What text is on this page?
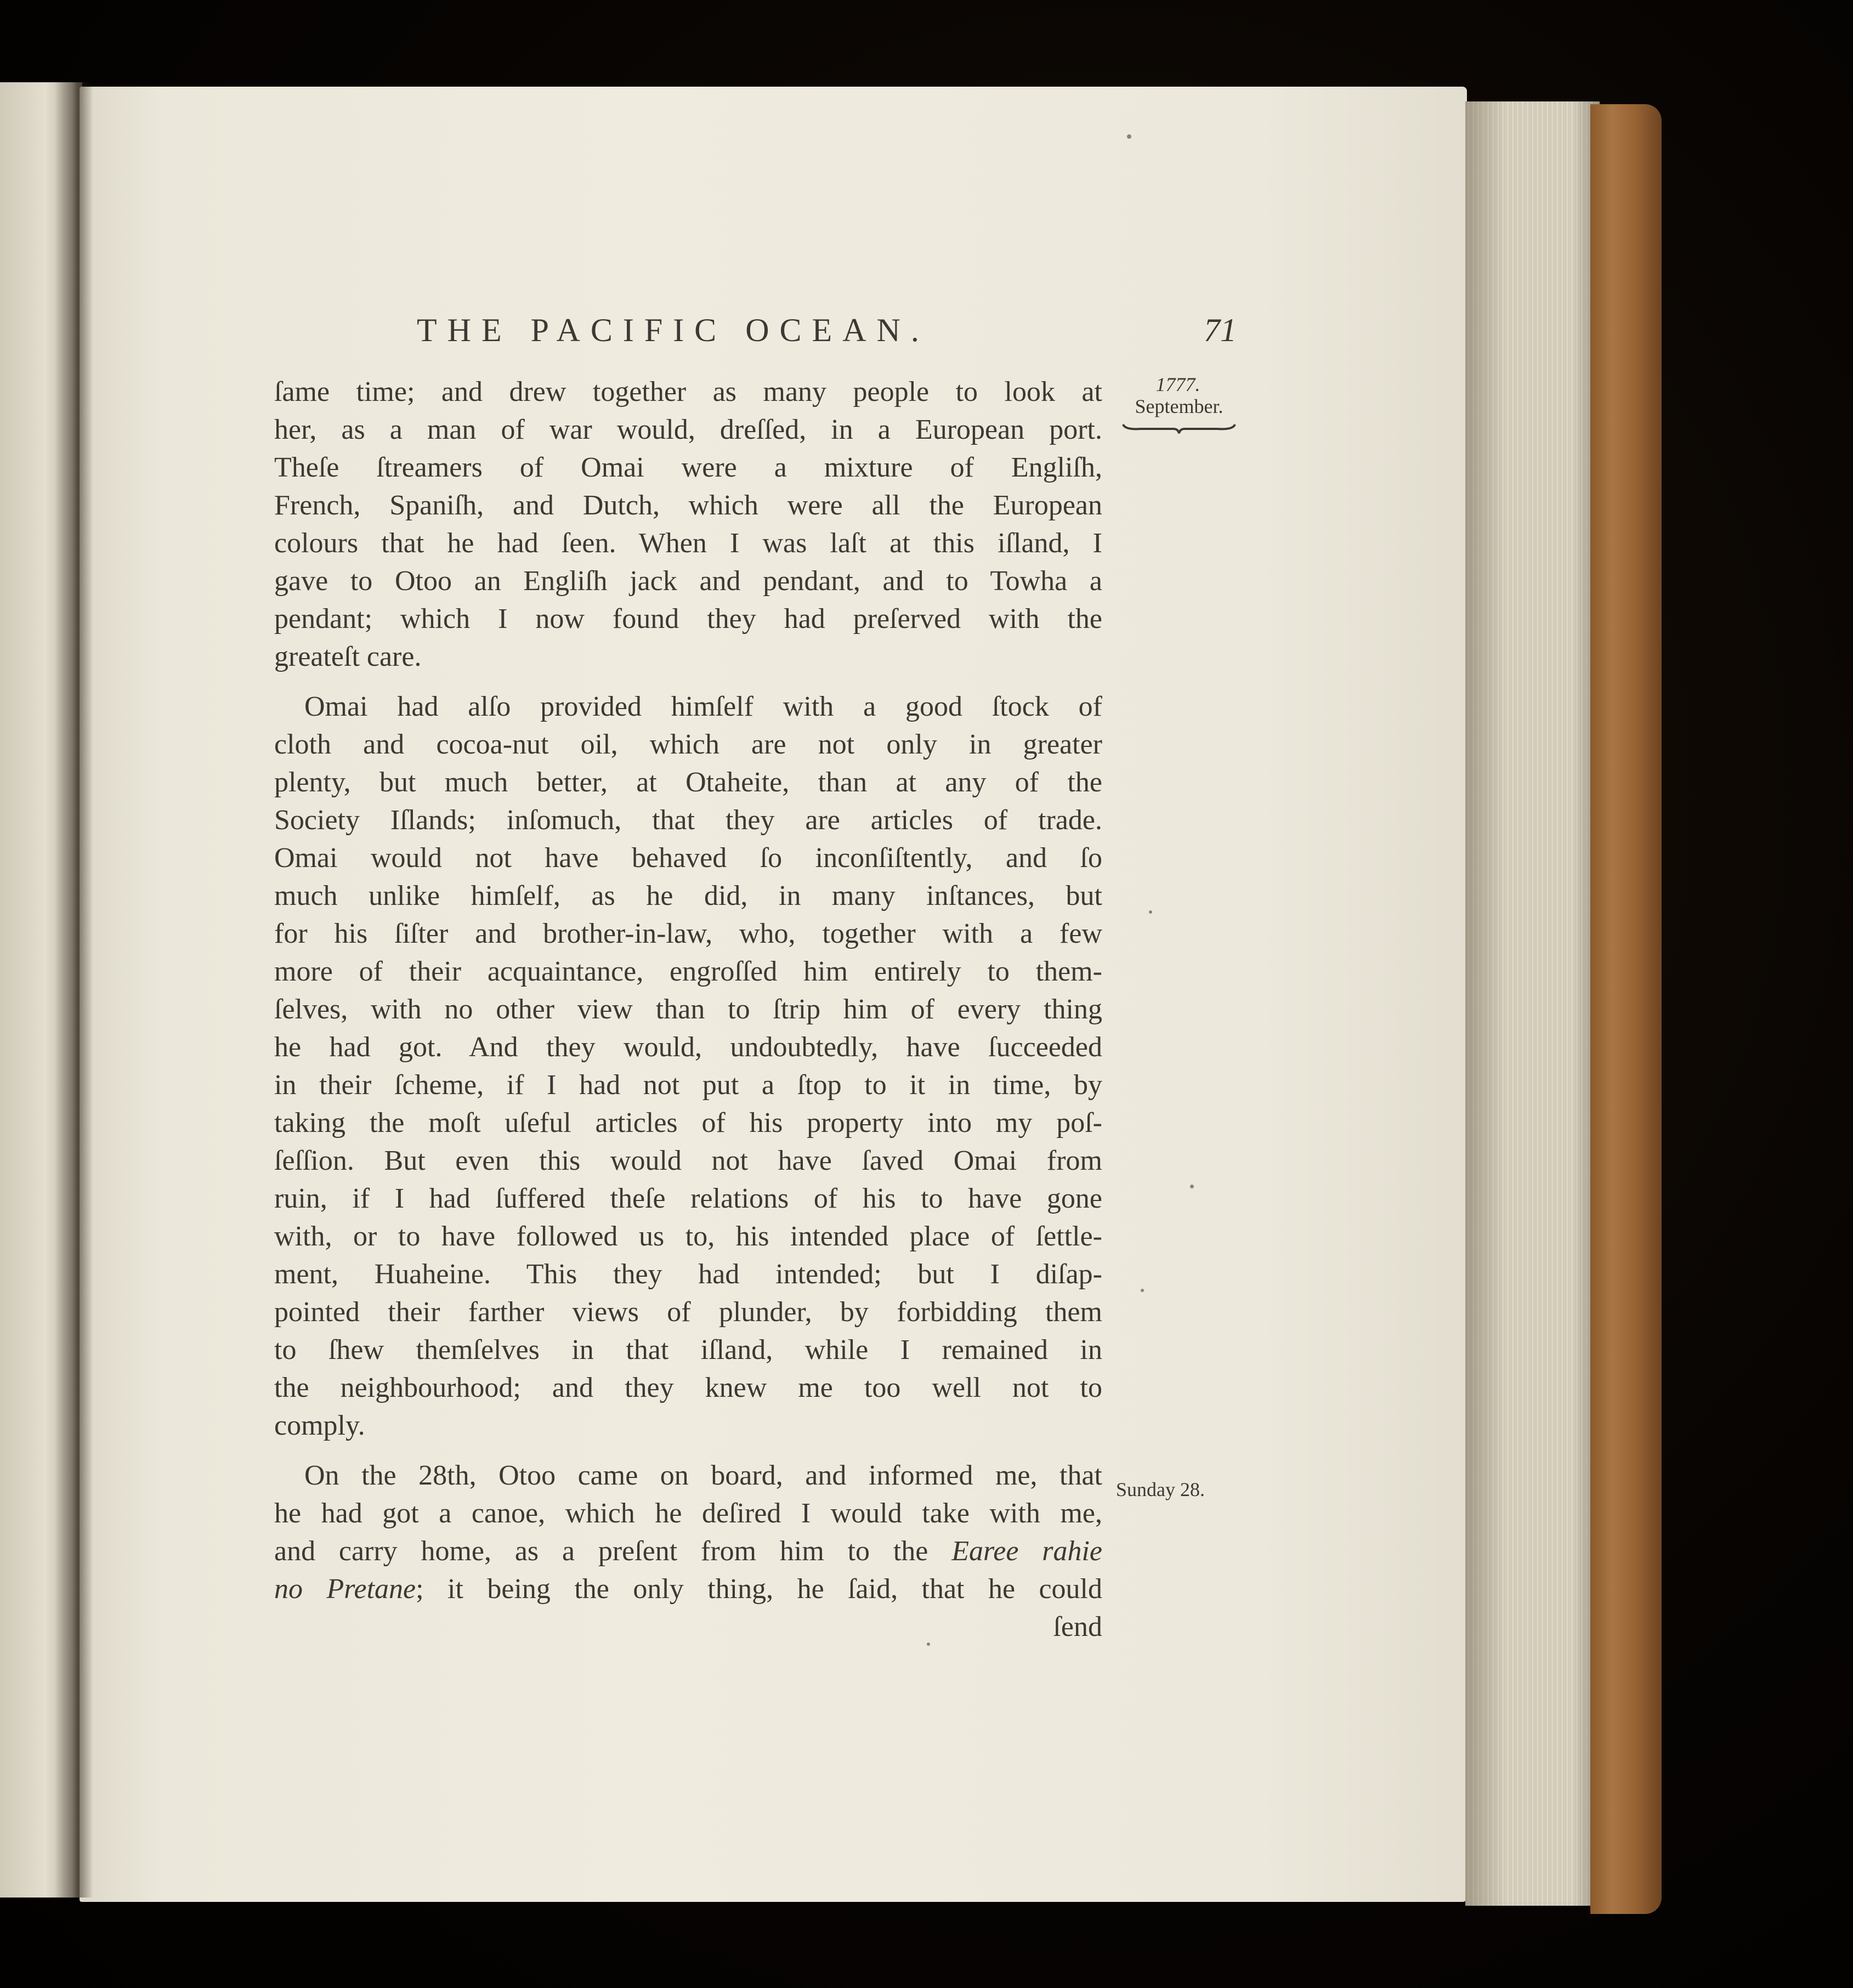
THE PACIFIC OCEAN.	71
1777.
September.
Sunday 28.
ſame time; and drew together as many people to look at
her, as a man of war would, dreſſed, in a European port.
Theſe ſtreamers of Omai were a mixture of Engliſh,
French, Spaniſh, and Dutch, which were all the European
colours that he had ſeen. When I was laſt at this iſland, I
gave to Otoo an Engliſh jack and pendant, and to Towha a
pendant; which I now found they had preſerved with the
greateſt care.
Omai had alſo provided himſelf with a good ſtock of
cloth and cocoa-nut oil, which are not only in greater
plenty, but much better, at Otaheite, than at any of the
Society Iſlands; inſomuch, that they are articles of trade.
Omai would not have behaved ſo inconſiſtently, and ſo
much unlike himſelf, as he did, in many inſtances, but
for his ſiſter and brother-in-law, who, together with a few
more of their acquaintance, engroſſed him entirely to them-
ſelves, with no other view than to ſtrip him of every thing
he had got. And they would, undoubtedly, have ſucceeded
in their ſcheme, if I had not put a ſtop to it in time, by
taking the moſt uſeful articles of his property into my poſ-
ſeſſion. But even this would not have ſaved Omai from
ruin, if I had ſuffered theſe relations of his to have gone
with, or to have followed us to, his intended place of ſettle-
ment, Huaheine. This they had intended; but I diſap-
pointed their farther views of plunder, by forbidding them
to ſhew themſelves in that iſland, while I remained in
the neighbourhood; and they knew me too well not to
comply.
On the 28th, Otoo came on board, and informed me, that
he had got a canoe, which he deſired I would take with me,
and carry home, as a preſent from him to the Earee rahie
no Pretane; it being the only thing, he ſaid, that he could
ſend
